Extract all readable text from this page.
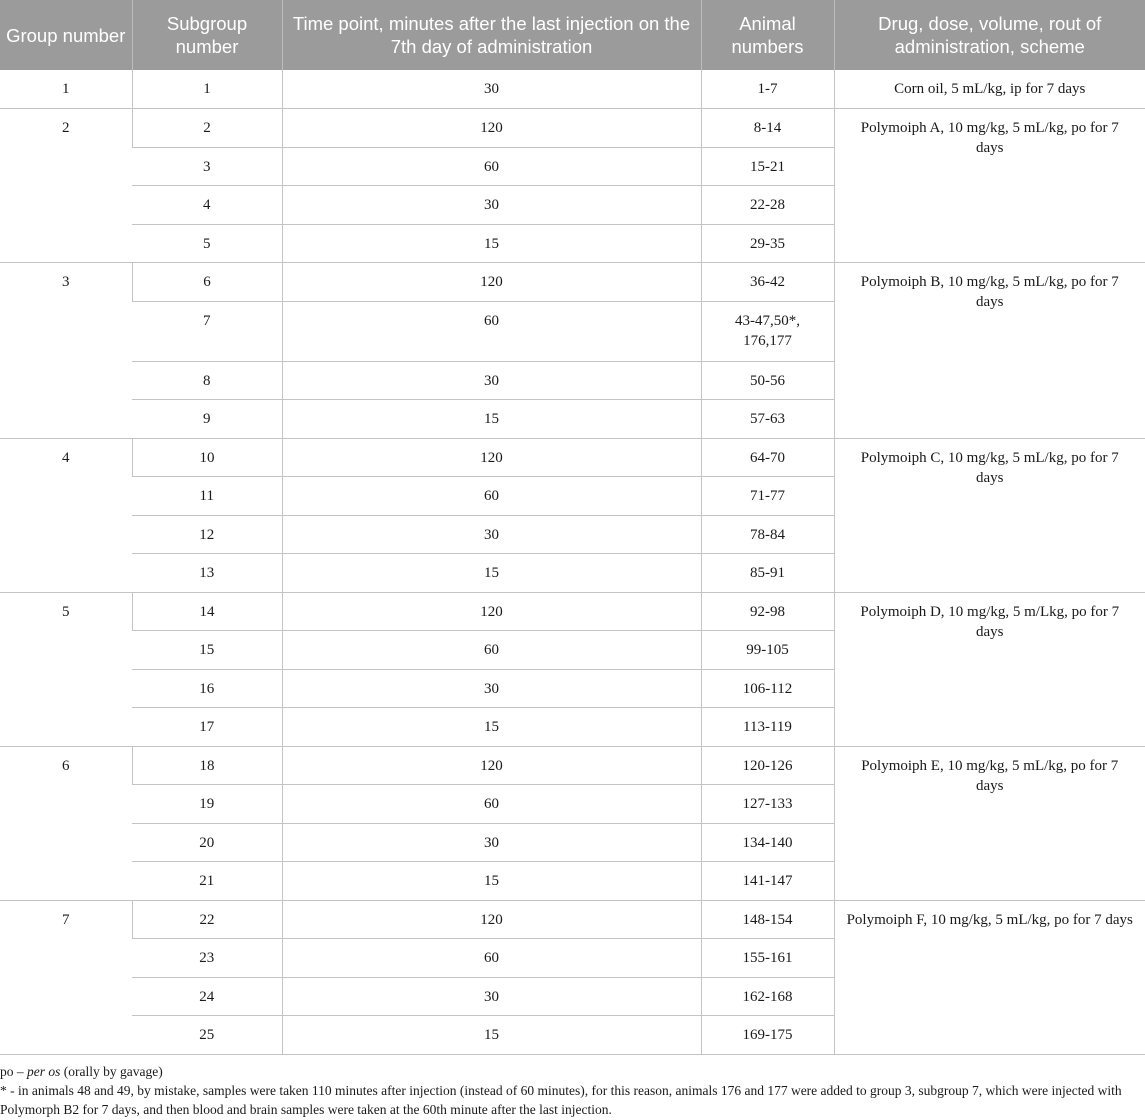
Group number	Subgroup number	Time point, minutes after the last injection on the 7th day of administration	Animal numbers	Drug, dose, volume, rout of administration, scheme
1	1	30	1-7	Corn oil, 5 mL/kg, ip for 7 days
2	2	120	8-14	Polymoiph A, 10 mg/kg, 5 mL/kg, po for 7 days
	3	60	15-21	
	4	30	22-28	
	5	15	29-35	
3	6	120	36-42	Polymoiph B, 10 mg/kg, 5 mL/kg, po for 7 days
	7	60	43-47,50*, 176,177	
	8	30	50-56	
	9	15	57-63	
4	10	120	64-70	Polymoiph C, 10 mg/kg, 5 mL/kg, po for 7 days
	11	60	71-77	
	12	30	78-84	
	13	15	85-91	
5	14	120	92-98	Polymoiph D, 10 mg/kg, 5 m/Lkg, po for 7 days
	15	60	99-105	
	16	30	106-112	
	17	15	113-119	
6	18	120	120-126	Polymoiph E, 10 mg/kg, 5 mL/kg, po for 7 days
	19	60	127-133	
	20	30	134-140	
	21	15	141-147	
7	22	120	148-154	Polymoiph F, 10 mg/kg, 5 mL/kg, po for 7 days
	23	60	155-161	
	24	30	162-168	
	25	15	169-175	

po – per os (orally by gavage)

* - in animals 48 and 49, by mistake, samples were taken 110 minutes after injection (instead of 60 minutes), for this reason, animals 176 and 177 were added to group 3, subgroup 7, which were injected with Polymorph B2 for 7 days, and then blood and brain samples were taken at the 60th minute after the last injection.
